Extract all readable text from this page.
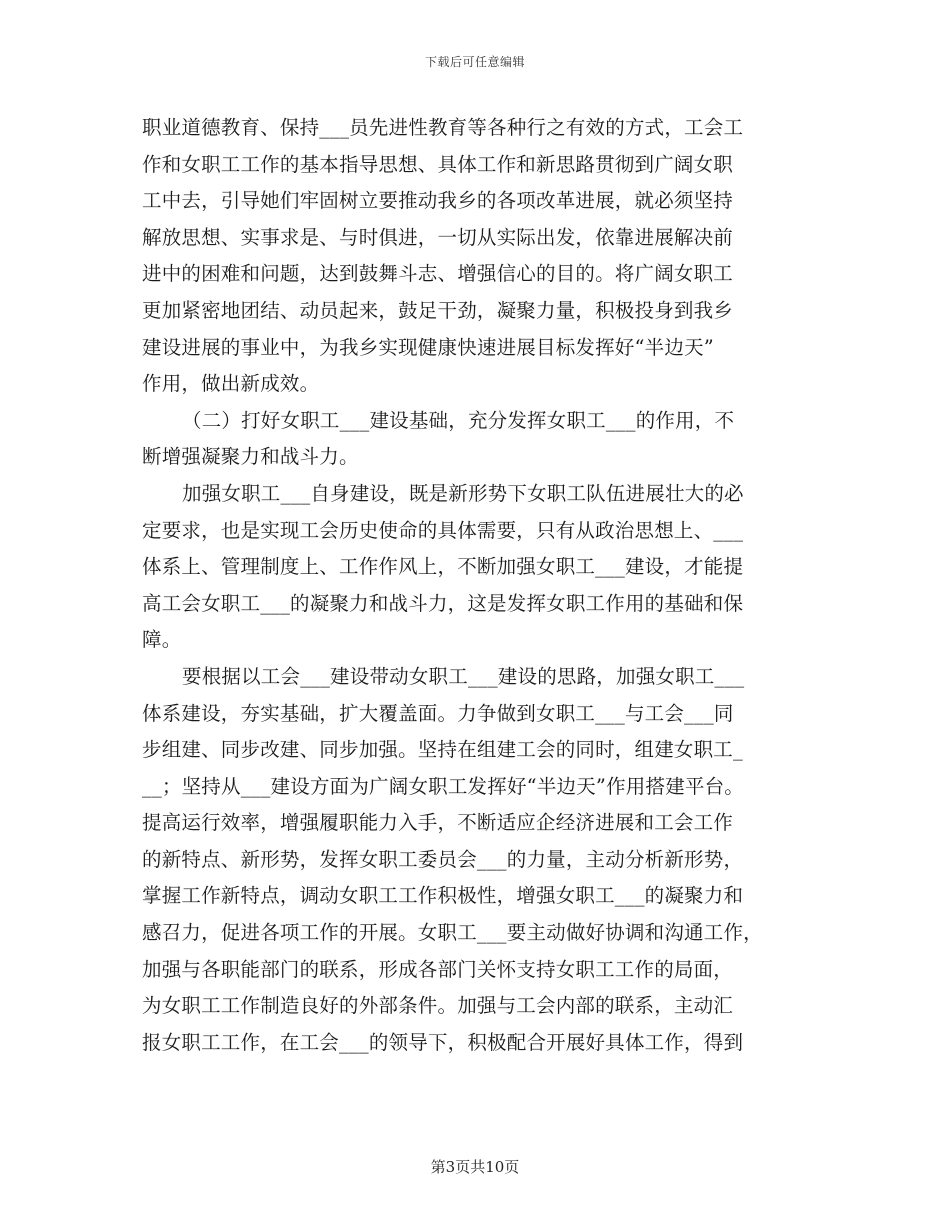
下载后可任意编辑
职业道德教育、保持___员先进性教育等各种行之有效的方式，工会工
作和女职工工作的基本指导思想、具体工作和新思路贯彻到广阔女职
工中去，引导她们牢固树立要推动我乡的各项改革进展，就必须坚持
解放思想、实事求是、与时俱进，一切从实际出发，依靠进展解决前
进中的困难和问题，达到鼓舞斗志、增强信心的目的。将广阔女职工
更加紧密地团结、动员起来，鼓足干劲，凝聚力量，积极投身到我乡
建设进展的事业中，为我乡实现健康快速进展目标发挥好“半边天”
作用，做出新成效。
（二）打好女职工___建设基础，充分发挥女职工___的作用，不
断增强凝聚力和战斗力。
加强女职工___自身建设，既是新形势下女职工队伍进展壮大的必
定要求，也是实现工会历史使命的具体需要，只有从政治思想上、___
体系上、管理制度上、工作作风上，不断加强女职工___建设，才能提
高工会女职工___的凝聚力和战斗力，这是发挥女职工作用的基础和保
障。
要根据以工会___建设带动女职工___建设的思路，加强女职工___
体系建设，夯实基础，扩大覆盖面。力争做到女职工___与工会___同
步组建、同步改建、同步加强。坚持在组建工会的同时，组建女职工_
__；坚持从___建设方面为广阔女职工发挥好“半边天”作用搭建平台。
提高运行效率，增强履职能力入手，不断适应企经济进展和工会工作
的新特点、新形势，发挥女职工委员会___的力量，主动分析新形势，
掌握工作新特点，调动女职工工作积极性，增强女职工___的凝聚力和
感召力，促进各项工作的开展。女职工___要主动做好协调和沟通工作，
加强与各职能部门的联系，形成各部门关怀支持女职工工作的局面，
为女职工工作制造良好的外部条件。加强与工会内部的联系，主动汇
报女职工工作，在工会___的领导下，积极配合开展好具体工作，得到
第3页共10页
